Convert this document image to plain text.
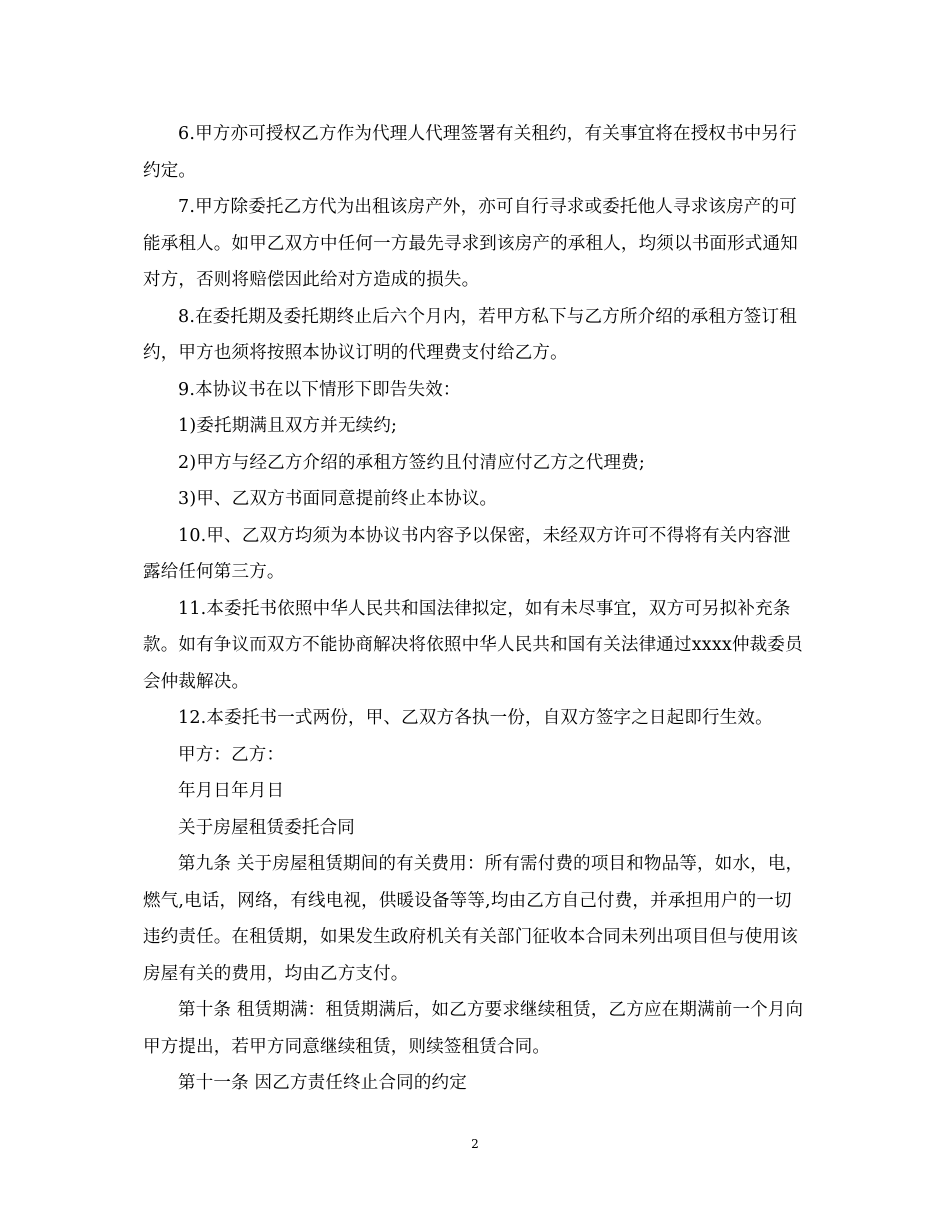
6.甲方亦可授权乙方作为代理人代理签署有关租约，有关事宜将在授权书中另行约定。

7.甲方除委托乙方代为出租该房产外，亦可自行寻求或委托他人寻求该房产的可能承租人。如甲乙双方中任何一方最先寻求到该房产的承租人，均须以书面形式通知对方，否则将赔偿因此给对方造成的损失。

8.在委托期及委托期终止后六个月内，若甲方私下与乙方所介绍的承租方签订租约，甲方也须将按照本协议订明的代理费支付给乙方。

9.本协议书在以下情形下即告失效：

1)委托期满且双方并无续约;

2)甲方与经乙方介绍的承租方签约且付清应付乙方之代理费;

3)甲、乙双方书面同意提前终止本协议。

10.甲、乙双方均须为本协议书内容予以保密，未经双方许可不得将有关内容泄露给任何第三方。

11.本委托书依照中华人民共和国法律拟定，如有未尽事宜，双方可另拟补充条款。如有争议而双方不能协商解决将依照中华人民共和国有关法律通过xxxx仲裁委员会仲裁解决。

12.本委托书一式两份，甲、乙双方各执一份，自双方签字之日起即行生效。

甲方：乙方：

年月日年月日

关于房屋租赁委托合同

第九条 关于房屋租赁期间的有关费用：所有需付费的项目和物品等，如水，电，燃气,电话，网络，有线电视，供暖设备等等,均由乙方自己付费，并承担用户的一切违约责任。在租赁期，如果发生政府机关有关部门征收本合同未列出项目但与使用该房屋有关的费用，均由乙方支付。

第十条 租赁期满：租赁期满后，如乙方要求继续租赁，乙方应在期满前一个月向甲方提出，若甲方同意继续租赁，则续签租赁合同。

第十一条 因乙方责任终止合同的约定

2
